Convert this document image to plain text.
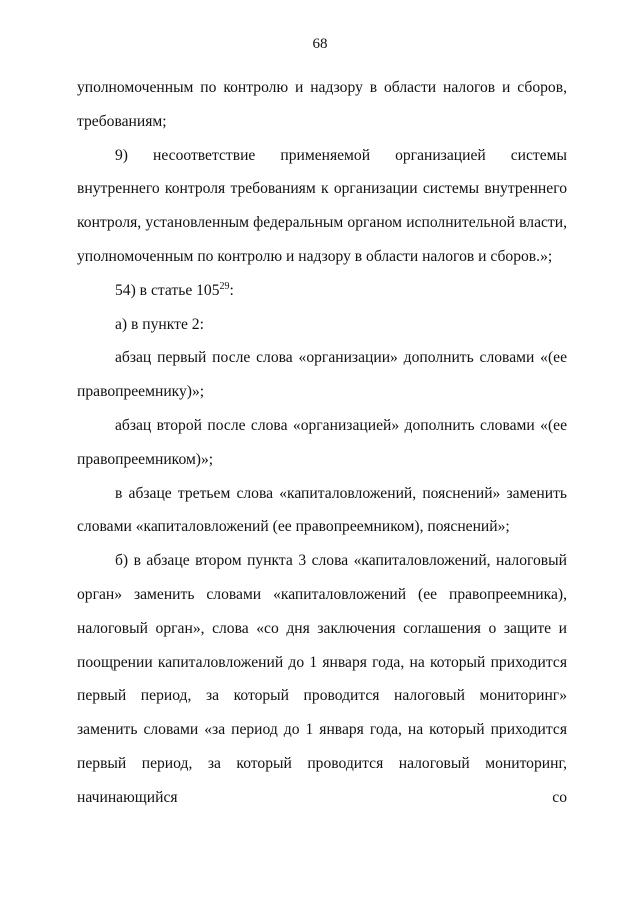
68

уполномоченным по контролю и надзору в области налогов и сборов, требованиям;

9) несоответствие применяемой организацией системы внутреннего контроля требованиям к организации системы внутреннего контроля, установленным федеральным органом исполнительной власти, уполномоченным по контролю и надзору в области налогов и сборов.»;

54) в статье $105^{29}$:

а) в пункте 2:

абзац первый после слова «организации» дополнить словами «(ее правопреемнику)»;

абзац второй после слова «организацией» дополнить словами «(ее правопреемником)»;

в абзаце третьем слова «капиталовложений, пояснений» заменить словами «капиталовложений (ее правопреемником), пояснений»;

б) в абзаце втором пункта 3 слова «капиталовложений, налоговый орган» заменить словами «капиталовложений (ее правопреемника), налоговый орган», слова «со дня заключения соглашения о защите и поощрении капиталовложений до 1 января года, на который приходится первый период, за который проводится налоговый мониторинг» заменить словами «за период до 1 января года, на который приходится первый период, за который проводится налоговый мониторинг, начинающийся со
